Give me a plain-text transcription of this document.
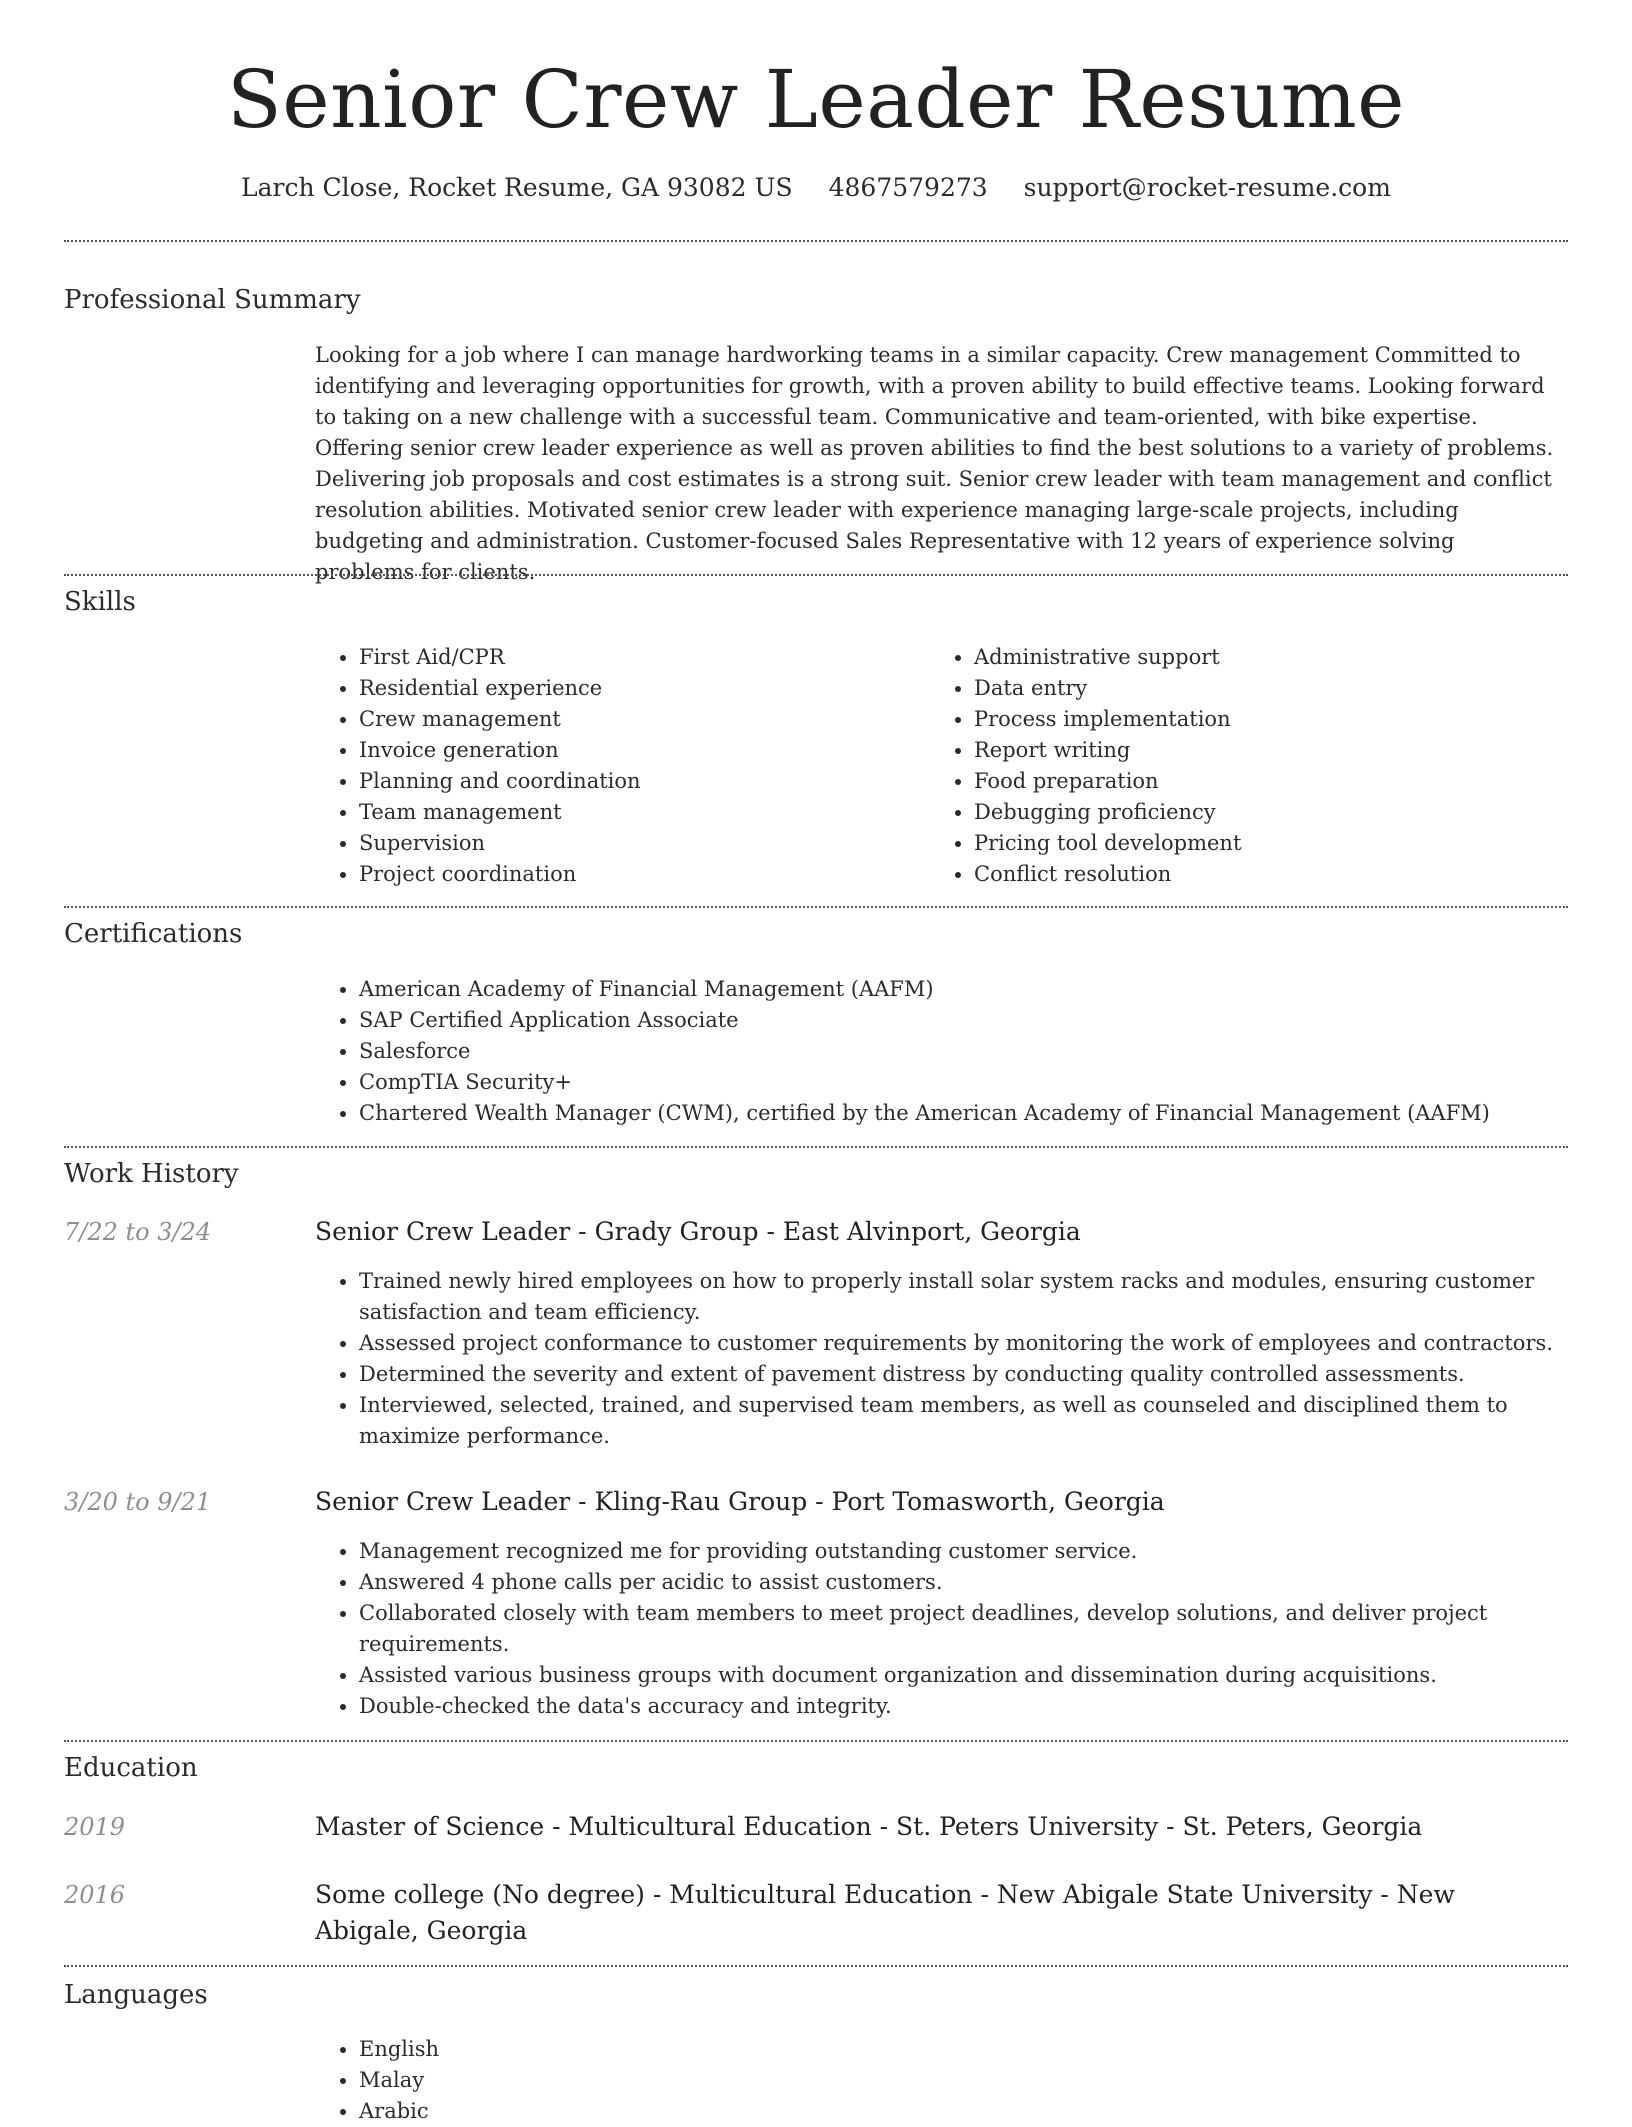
Senior Crew Leader Resume
Larch Close, Rocket Resume, GA 93082 US 4867579273 support@rocket-resume.com
Professional Summary

Looking for a job where I can manage hardworking teams in a similar capacity. Crew management Committed to identifying and leveraging opportunities for growth, with a proven ability to build effective teams. Looking forward to taking on a new challenge with a successful team. Communicative and team-oriented, with bike expertise. Offering senior crew leader experience as well as proven abilities to find the best solutions to a variety of problems. Delivering job proposals and cost estimates is a strong suit. Senior crew leader with team management and conflict resolution abilities. Motivated senior crew leader with experience managing large-scale projects, including budgeting and administration. Customer-focused Sales Representative with 12 years of experience solving problems for clients.

Skills
• First Aid/CPR
• Residential experience
• Crew management
• Invoice generation
• Planning and coordination
• Team management
• Supervision
• Project coordination
• Administrative support
• Data entry
• Process implementation
• Report writing
• Food preparation
• Debugging proficiency
• Pricing tool development
• Conflict resolution
Certifications
• American Academy of Financial Management (AAFM)
• SAP Certified Application Associate
• Salesforce
• CompTIA Security+
• Chartered Wealth Manager (CWM), certified by the American Academy of Financial Management (AAFM)
Work History
7/22 to 3/24	Senior Crew Leader - Grady Group - East Alvinport, Georgia
• Trained newly hired employees on how to properly install solar system racks and modules, ensuring customer satisfaction and team efficiency.
• Assessed project conformance to customer requirements by monitoring the work of employees and contractors.
• Determined the severity and extent of pavement distress by conducting quality controlled assessments.
• Interviewed, selected, trained, and supervised team members, as well as counseled and disciplined them to maximize performance.
3/20 to 9/21	Senior Crew Leader - Kling-Rau Group - Port Tomasworth, Georgia
• Management recognized me for providing outstanding customer service.
• Answered 4 phone calls per acidic to assist customers.
• Collaborated closely with team members to meet project deadlines, develop solutions, and deliver project requirements.
• Assisted various business groups with document organization and dissemination during acquisitions.
• Double-checked the data's accuracy and integrity.
Education
2019	Master of Science - Multicultural Education - St. Peters University - St. Peters, Georgia
2016	Some college (No degree) - Multicultural Education - New Abigale State University - New Abigale, Georgia
Languages
• English
• Malay
• Arabic
